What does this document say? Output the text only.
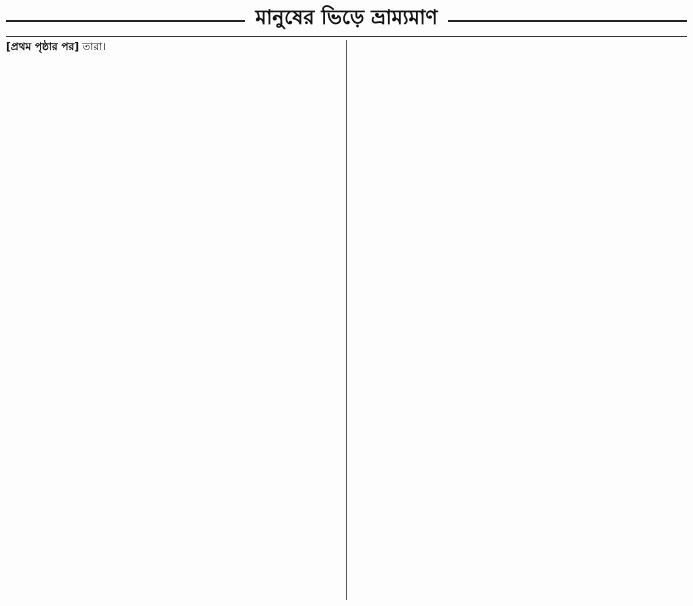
মানুষের ভিড়ে ভ্রাম্যমাণ

[প্রথম পৃষ্ঠার পর] তারা।
